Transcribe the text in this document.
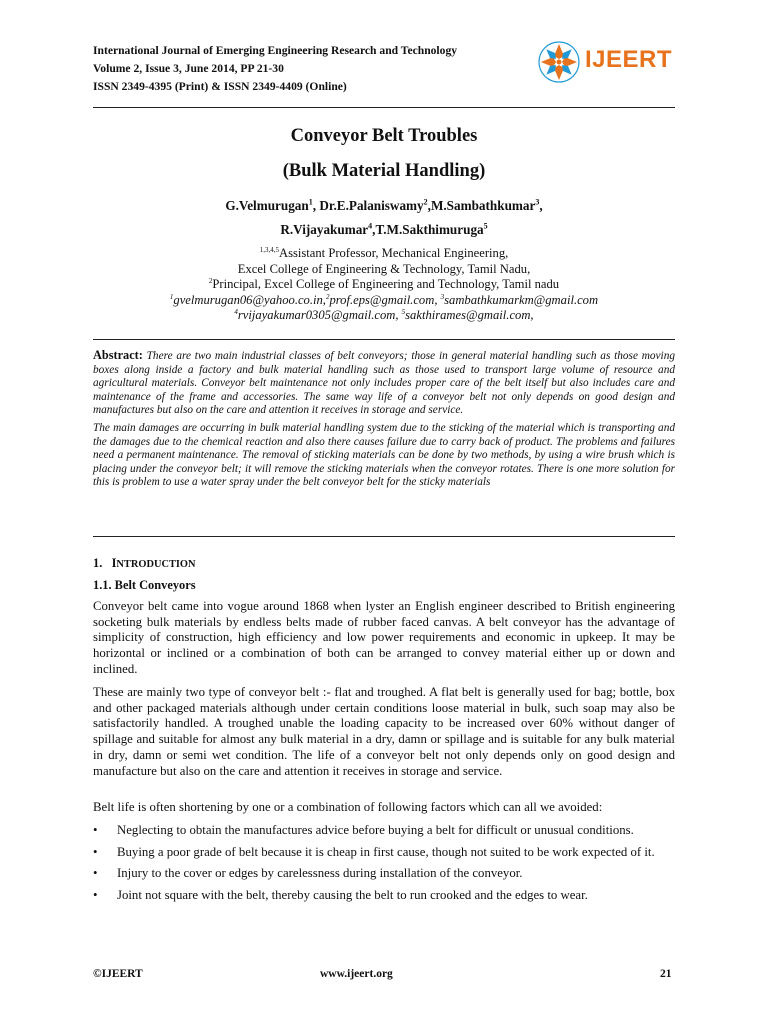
International Journal of Emerging Engineering Research and Technology
Volume 2, Issue 3, June 2014, PP 21-30
ISSN 2349-4395 (Print) & ISSN 2349-4409 (Online)
IJEERT
Conveyor Belt Troubles
(Bulk Material Handling)
G.Velmurugan$^1$, Dr.E.Palaniswamy$^2$,M.Sambathkumar$^3$,
R.Vijayakumar$^4$,T.M.Sakthimuruga$^5$
$^{1,3,4,5}$Assistant Professor, Mechanical Engineering,
Excel College of Engineering & Technology, Tamil Nadu,
$^2$Principal, Excel College of Engineering and Technology, Tamil nadu
$^1$gvelmurugan06@yahoo.co.in,$^2$prof.eps@gmail.com, $^3$sambathkumarkm@gmail.com
$^4$rvijayakumar0305@gmail.com, $^5$sakthirames@gmail.com,
Abstract: There are two main industrial classes of belt conveyors; those in general material handling such as those moving boxes along inside a factory and bulk material handling such as those used to transport large volume of resource and agricultural materials. Conveyor belt maintenance not only includes proper care of the belt itself but also includes care and maintenance of the frame and accessories. The same way life of a conveyor belt not only depends on good design and manufactures but also on the care and attention it receives in storage and service.
The main damages are occurring in bulk material handling system due to the sticking of the material which is transporting and the damages due to the chemical reaction and also there causes failure due to carry back of product. The problems and failures need a permanent maintenance. The removal of sticking materials can be done by two methods, by using a wire brush which is placing under the conveyor belt; it will remove the sticking materials when the conveyor rotates. There is one more solution for this is problem to use a water spray under the belt conveyor belt for the sticky materials
1. INTRODUCTION
1.1. Belt Conveyors
Conveyor belt came into vogue around 1868 when lyster an English engineer described to British engineering socketing bulk materials by endless belts made of rubber faced canvas. A belt conveyor has the advantage of simplicity of construction, high efficiency and low power requirements and economic in upkeep. It may be horizontal or inclined or a combination of both can be arranged to convey material either up or down and inclined.
These are mainly two type of conveyor belt :- flat and troughed. A flat belt is generally used for bag; bottle, box and other packaged materials although under certain conditions loose material in bulk, such soap may also be satisfactorily handled. A troughed unable the loading capacity to be increased over 60% without danger of spillage and suitable for almost any bulk material in a dry, damn or spillage and is suitable for any bulk material in dry, damn or semi wet condition. The life of a conveyor belt not only depends only on good design and manufacture but also on the care and attention it receives in storage and service.
Belt life is often shortening by one or a combination of following factors which can all we avoided:
• Neglecting to obtain the manufactures advice before buying a belt for difficult or unusual conditions.
• Buying a poor grade of belt because it is cheap in first cause, though not suited to be work expected of it.
• Injury to the cover or edges by carelessness during installation of the conveyor.
• Joint not square with the belt, thereby causing the belt to run crooked and the edges to wear.
©IJEERT	www.ijeert.org	21
